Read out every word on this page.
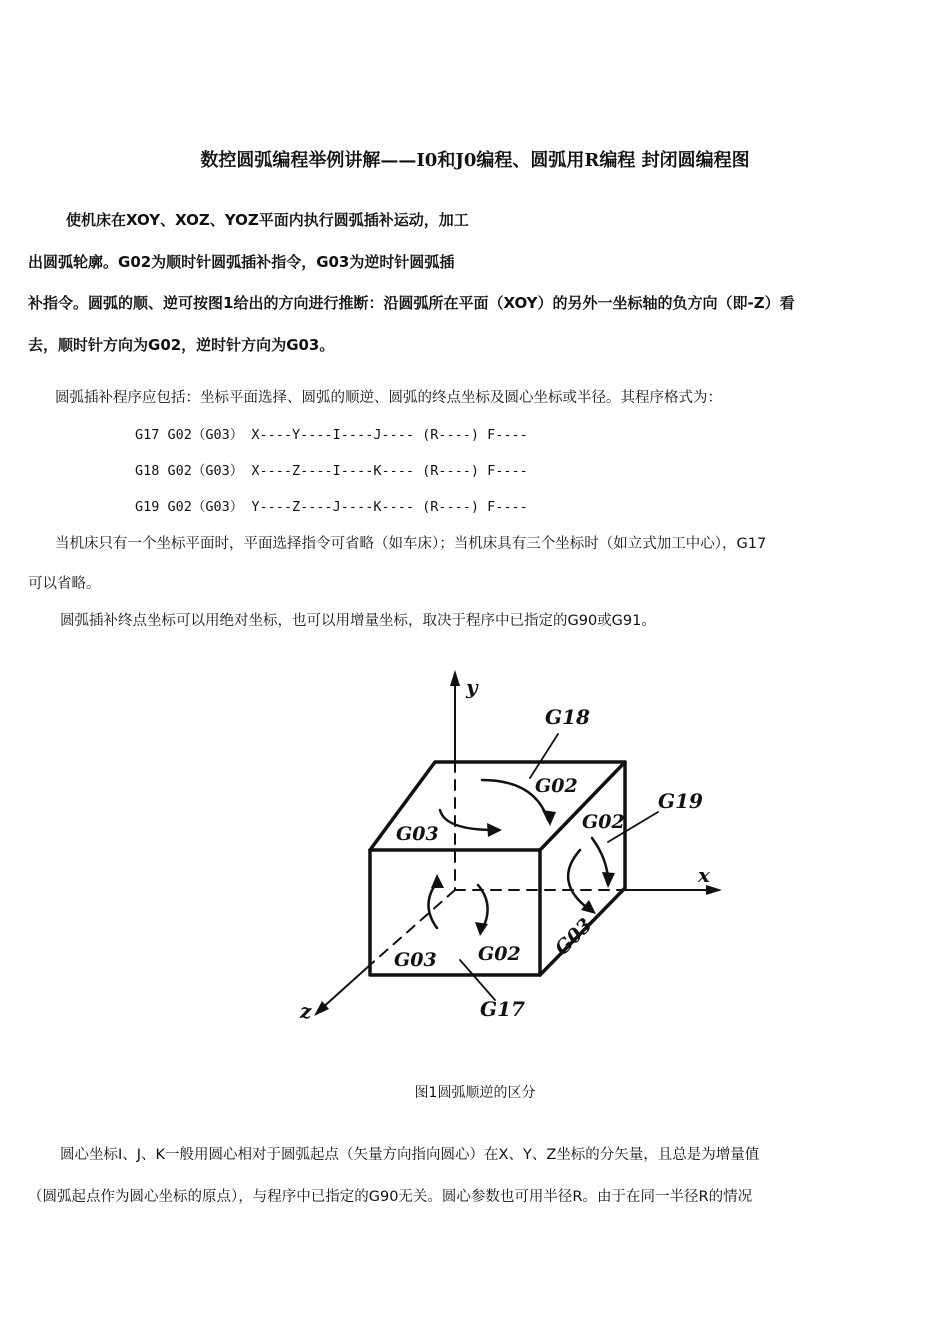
数控圆弧编程举例讲解——I0和J0编程、圆弧用R编程 封闭圆编程图
使机床在XOY、XOZ、YOZ平面内执行圆弧插补运动，加工
出圆弧轮廓。G02为顺时针圆弧插补指令，G03为逆时针圆弧插
补指令。圆弧的顺、逆可按图1给出的方向进行推断：沿圆弧所在平面（XOY）的另外一坐标轴的负方向（即-Z）看
去，顺时针方向为G02，逆时针方向为G03。
圆弧插补程序应包括：坐标平面选择、圆弧的顺逆、圆弧的终点坐标及圆心坐标或半径。其程序格式为：
G17 G02（G03） X----Y----I----J---- (R----) F----
G18 G02（G03） X----Z----I----K---- (R----) F----
G19 G02（G03） Y----Z----J----K---- (R----) F----
当机床只有一个坐标平面时，平面选择指令可省略（如车床）；当机床具有三个坐标时（如立式加工中心），G17
可以省略。
圆弧插补终点坐标可以用绝对坐标，也可以用增量坐标，取决于程序中已指定的G90或G91。
y
x
z
G18
G19
G17
G02
G03
G02
G03
G03 G02
图1圆弧顺逆的区分
圆心坐标I、J、K一般用圆心相对于圆弧起点（矢量方向指向圆心）在X、Y、Z坐标的分矢量，且总是为增量值
（圆弧起点作为圆心坐标的原点），与程序中已指定的G90无关。圆心参数也可用半径R。由于在同一半径R的情况
